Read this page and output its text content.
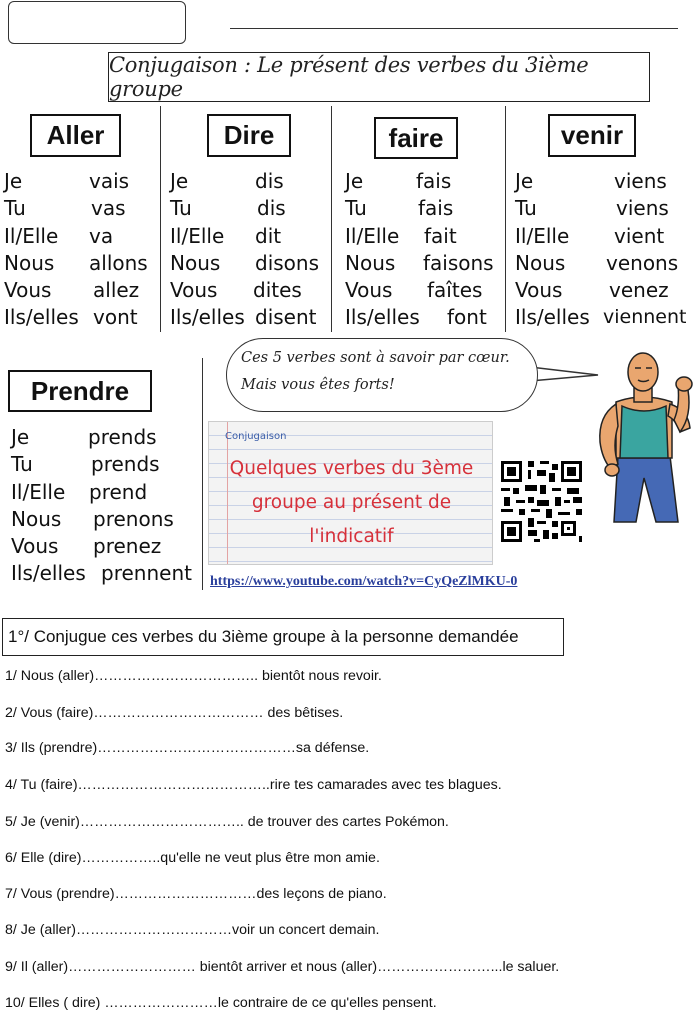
Conjugaison : Le présent des verbes du 3ième groupe
Aller
Je	vais
Tu	vas
Il/Elle va
Nous allons
Vous allez
Ils/elles vont
Dire
Je	dis
Tu	dis
Il/Elle dit
Nous disons
Vous dites
Ils/elles disent
faire
Je	fais
Tu	fais
Il/Elle fait
Nous faisons
Vous faîtes
Ils/elles font
venir
Je	viens
Tu	viens
Il/Elle vient
Nous venons
Vous venez
Ils/elles viennent
Prendre
Je	prends
Tu	prends
Il/Elle prend
Nous prenons
Vous prenez
Ils/elles prennent
Ces 5 verbes sont à savoir par cœur.
Mais vous êtes forts!
Conjugaison
Quelques verbes du 3ème
groupe au présent de
l'indicatif
https://www.youtube.com/watch?v=CyQeZlMKU-0
1°/ Conjugue ces verbes du 3ième groupe à la personne demandée
1/ Nous (aller)…………………………….. bientôt nous revoir.
2/ Vous (faire)……………………………… des bêtises.
3/ Ils (prendre)……………………………………sa défense.
4/ Tu (faire)…………………………………..rire tes camarades avec tes blagues.
5/ Je (venir)…………………………….. de trouver des cartes Pokémon.
6/ Elle (dire)……………..qu'elle ne veut plus être mon amie.
7/ Vous (prendre)…………………………des leçons de piano.
8/ Je (aller)……………………………voir un concert demain.
9/ Il (aller)……………………… bientôt arriver et nous (aller)……………………...le saluer.
10/ Elles ( dire) ……………………le contraire de ce qu'elles pensent.
